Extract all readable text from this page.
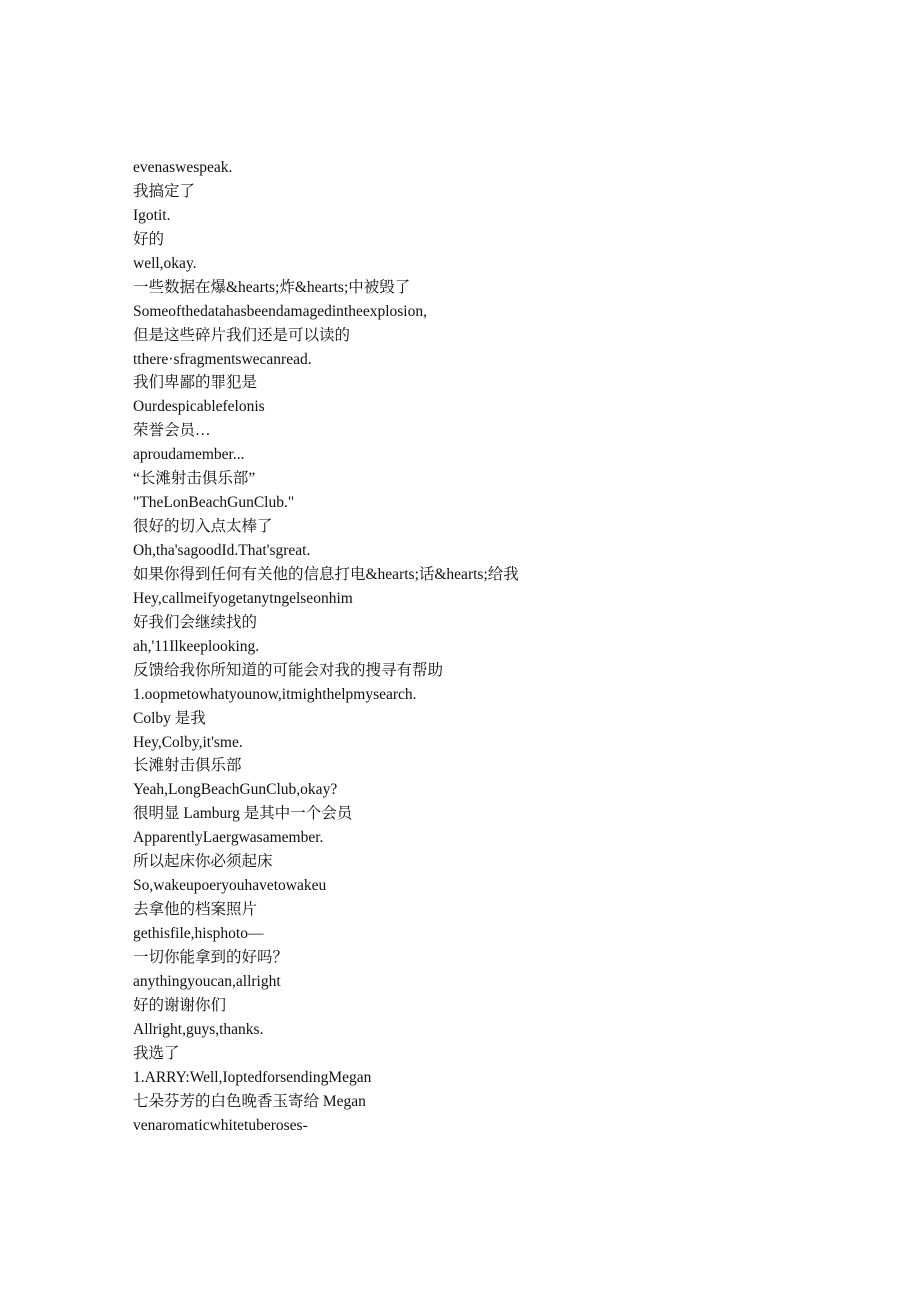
evenaswespeak.
我搞定了
Igotit.
好的
well,okay.
一些数据在爆&hearts;炸&hearts;中被毁了
Someofthedatahasbeendamagedintheexplosion,
但是这些碎片我们还是可以读的
tthere·sfragmentswecanread.
我们卑鄙的罪犯是
Ourdespicablefelonis
荣誉会员…
aproudamember...
“长滩射击俱乐部”
"TheLonBeachGunClub."
很好的切入点太棒了
Oh,tha'sagoodId.That'sgreat.
如果你得到任何有关他的信息打电&hearts;话&hearts;给我
Hey,callmeifyogetanytngelseonhim
好我们会继续找的
ah,'11Ilkeeplooking.
反馈给我你所知道的可能会对我的搜寻有帮助
1.oopmetowhatyounow,itmighthelpmysearch.
Colby 是我
Hey,Colby,it'sme.
长滩射击俱乐部
Yeah,LongBeachGunClub,okay?
很明显 Lamburg 是其中一个会员
ApparentlyLaergwasamember.
所以起床你必须起床
So,wakeupoeryouhavetowakeu
去拿他的档案照片
gethisfile,hisphoto—
一切你能拿到的好吗？
anythingyoucan,allright
好的谢谢你们
Allright,guys,thanks.
我选了
1.ARRY:Well,IoptedforsendingMegan
七朵芬芳的白色晚香玉寄给 Megan
venaromaticwhitetuberoses-
